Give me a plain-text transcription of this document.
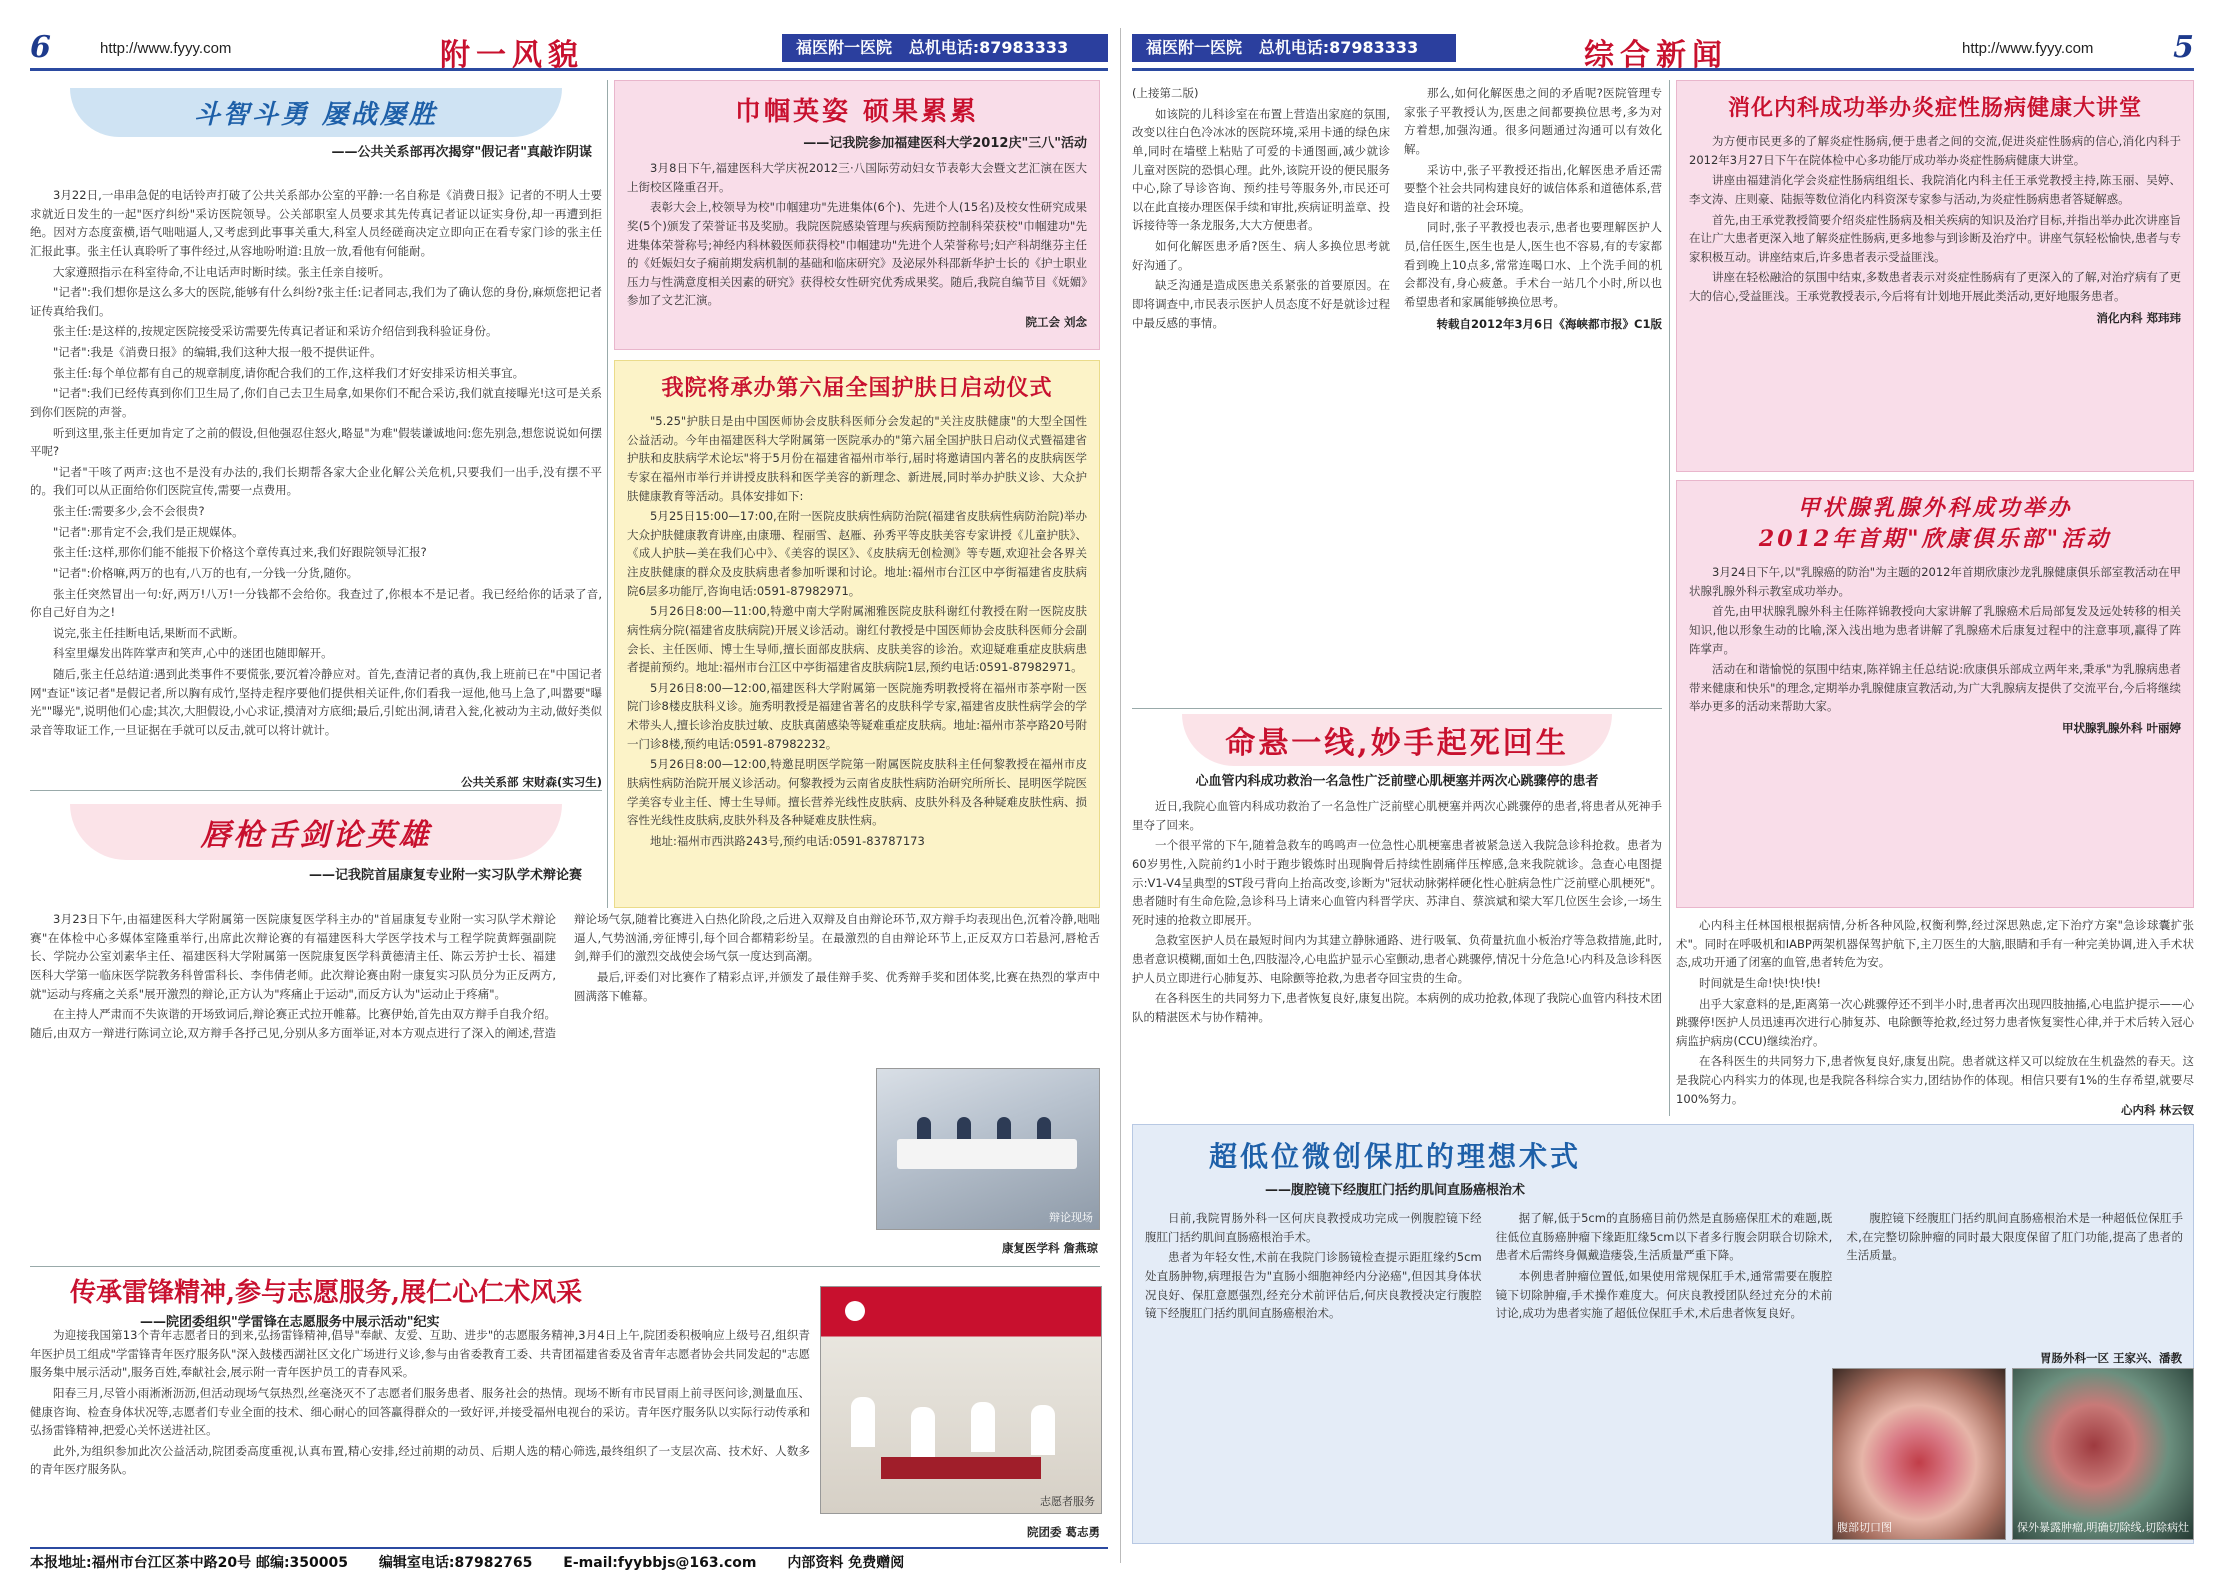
6	http://www.fyyy.com	附一风貌	福医附一医院 总机电话:87983333
斗智斗勇 屡战屡胜
——公共关系部再次揭穿"假记者"真敲诈阴谋

3月22日,一串串急促的电话铃声打破了公共关系部办公室的平静:一名自称是《消费日报》记者的不明人士要求就近日发生的一起"医疗纠纷"采访医院领导。公关部职室人员要求其先传真记者证以证实身份,却一再遭到拒绝。因对方态度蛮横,语气咄咄逼人,又考虑到此事事关重大,科室人员经磋商决定立即向正在看专家门诊的张主任汇报此事。张主任认真聆听了事件经过,从容地吩咐道:且放一放,看他有何能耐。

大家遵照指示在科室待命,不让电话声时断时续。张主任亲自接听。

"记者":我们想你是这么多大的医院,能够有什么纠纷?张主任:记者同志,我们为了确认您的身份,麻烦您把记者证传真给我们。

张主任:是这样的,按规定医院接受采访需要先传真记者证和采访介绍信到我科验证身份。

"记者":我是《消费日报》的编辑,我们这种大报一般不提供证件。

张主任:每个单位都有自己的规章制度,请你配合我们的工作,这样我们才好安排采访相关事宜。

"记者":我们已经传真到你们卫生局了,你们自己去卫生局拿,如果你们不配合采访,我们就直接曝光!这可是关系到你们医院的声誉。

听到这里,张主任更加肯定了之前的假设,但他强忍住怒火,略显"为难"假装谦诚地问:您先别急,想您说说如何摆平呢?

"记者"干咳了两声:这也不是没有办法的,我们长期帮各家大企业化解公关危机,只要我们一出手,没有摆不平的。我们可以从正面给你们医院宣传,需要一点费用。

张主任:需要多少,会不会很贵?

"记者":那肯定不会,我们是正规媒体。

张主任:这样,那你们能不能报下价格这个章传真过来,我们好跟院领导汇报?

"记者":价格嘛,两万的也有,八万的也有,一分钱一分货,随你。

张主任突然冒出一句:好,两万!八万!一分钱都不会给你。我查过了,你根本不是记者。我已经给你的话录了音,你自己好自为之!

说完,张主任挂断电话,果断而不武断。

科室里爆发出阵阵掌声和笑声,心中的迷团也随即解开。

随后,张主任总结道:遇到此类事件不要慌张,要沉着冷静应对。首先,查清记者的真伪,我上班前已在"中国记者网"查证"该记者"是假记者,所以胸有成竹,坚持走程序要他们提供相关证件,你们看我一逗他,他马上急了,叫嚣要"曝光""曝光",说明他们心虚;其次,大胆假设,小心求证,摸清对方底细;最后,引蛇出洞,请君入瓮,化被动为主动,做好类似录音等取证工作,一旦证据在手就可以反击,就可以将计就计。

公共关系部 宋财森(实习生)
巾帼英姿 硕果累累
——记我院参加福建医科大学2012庆"三八"活动

3月8日下午,福建医科大学庆祝2012三·八国际劳动妇女节表彰大会暨文艺汇演在医大上街校区隆重召开。

表彰大会上,校领导为校"巾帼建功"先进集体(6个)、先进个人(15名)及校女性研究成果奖(5个)颁发了荣誉证书及奖励。我院医院感染管理与疾病预防控制科荣获校"巾帼建功"先进集体荣誉称号;神经内科林毅医师获得校"巾帼建功"先进个人荣誉称号;妇产科胡继芬主任的《妊娠妇女子痫前期发病机制的基础和临床研究》及泌尿外科邵新华护士长的《护士职业压力与性满意度相关因素的研究》获得校女性研究优秀成果奖。随后,我院自编节目《妩媚》参加了文艺汇演。

院工会 刘念
我院将承办第六届全国护肤日启动仪式

"5.25"护肤日是由中国医师协会皮肤科医师分会发起的"关注皮肤健康"的大型全国性公益活动。今年由福建医科大学附属第一医院承办的"第六届全国护肤日启动仪式暨福建省护肤和皮肤病学术论坛"将于5月份在福建省福州市举行,届时将邀请国内著名的皮肤病医学专家在福州市举行并讲授皮肤科和医学美容的新理念、新进展,同时举办护肤义诊、大众护肤健康教育等活动。具体安排如下:

5月25日15:00—17:00,在附一医院皮肤病性病防治院(福建省皮肤病性病防治院)举办大众护肤健康教育讲座,由康珊、程丽雪、赵雁、孙秀平等皮肤美容专家讲授《儿童护肤》、《成人护肤—美在我们心中》、《美容的误区》、《皮肤病无创检测》等专题,欢迎社会各界关注皮肤健康的群众及皮肤病患者参加听课和讨论。地址:福州市台江区中亭街福建省皮肤病院6层多功能厅,咨询电话:0591-87982971。

5月26日8:00—11:00,特邀中南大学附属湘雅医院皮肤科谢红付教授在附一医院皮肤病性病分院(福建省皮肤病院)开展义诊活动。谢红付教授是中国医师协会皮肤科医师分会副会长、主任医师、博士生导师,擅长面部皮肤病、皮肤美容的诊治。欢迎疑难重症皮肤病患者提前预约。地址:福州市台江区中亭街福建省皮肤病院1层,预约电话:0591-87982971。

5月26日8:00—12:00,福建医科大学附属第一医院施秀明教授将在福州市茶亭附一医院门诊8楼皮肤科义诊。施秀明教授是福建省著名的皮肤科学专家,福建省皮肤性病学会的学术带头人,擅长诊治皮肤过敏、皮肤真菌感染等疑难重症皮肤病。地址:福州市茶亭路20号附一门诊8楼,预约电话:0591-87982232。

5月26日8:00—12:00,特邀昆明医学院第一附属医院皮肤科主任何黎教授在福州市皮肤病性病防治院开展义诊活动。何黎教授为云南省皮肤性病防治研究所所长、昆明医学院医学美容专业主任、博士生导师。擅长营养光线性皮肤病、皮肤外科及各种疑难皮肤性病、损容性光线性皮肤病,皮肤外科及各种疑难皮肤性病。

地址:福州市西洪路243号,预约电话:0591-83787173

唇枪舌剑论英雄
——记我院首届康复专业附一实习队学术辩论赛

3月23日下午,由福建医科大学附属第一医院康复医学科主办的"首届康复专业附一实习队学术辩论赛"在体检中心多媒体室隆重举行,出席此次辩论赛的有福建医科大学医学技术与工程学院黄辉强副院长、学院办公室刘素华主任、福建医科大学附属第一医院康复医学科黄德清主任、陈云芳护士长、福建医科大学第一临床医学院教务科曾雷科长、李伟倩老师。此次辩论赛由附一康复实习队员分为正反两方,就"运动与疼痛之关系"展开激烈的辩论,正方认为"疼痛止于运动",而反方认为"运动止于疼痛"。

在主持人严肃而不失诙谐的开场致词后,辩论赛正式拉开帷幕。比赛伊始,首先由双方辩手自我介绍。随后,由双方一辩进行陈词立论,双方辩手各抒己见,分别从多方面举证,对本方观点进行了深入的阐述,营造辩论场气氛,随着比赛进入白热化阶段,之后进入双辩及自由辩论环节,双方辩手均表现出色,沉着冷静,咄咄逼人,气势汹涌,旁征博引,每个回合都精彩纷呈。在最激烈的自由辩论环节上,正反双方口若悬河,唇枪舌剑,辩手们的激烈交战使会场气氛一度达到高潮。

最后,评委们对比赛作了精彩点评,并颁发了最佳辩手奖、优秀辩手奖和团体奖,比赛在热烈的掌声中圆满落下帷幕。

辩论现场
康复医学科 詹燕琼
传承雷锋精神,参与志愿服务,展仁心仁术风采
——院团委组织"学雷锋在志愿服务中展示活动"纪实

为迎接我国第13个青年志愿者日的到来,弘扬雷锋精神,倡导"奉献、友爱、互助、进步"的志愿服务精神,3月4日上午,院团委积极响应上级号召,组织青年医护员工组成"学雷锋青年医疗服务队"深入鼓楼西湖社区文化广场进行义诊,参与由省委教育工委、共青团福建省委及省青年志愿者协会共同发起的"志愿服务集中展示活动",服务百姓,奉献社会,展示附一青年医护员工的青春风采。

阳春三月,尽管小雨淅淅沥沥,但活动现场气氛热烈,丝毫浇灭不了志愿者们服务患者、服务社会的热情。现场不断有市民冒雨上前寻医问诊,测量血压、健康咨询、检查身体状况等,志愿者们专业全面的技术、细心耐心的回答赢得群众的一致好评,并接受福州电视台的采访。青年医疗服务队以实际行动传承和弘扬雷锋精神,把爱心关怀送进社区。

此外,为组织参加此次公益活动,院团委高度重视,认真布置,精心安排,经过前期的动员、后期人选的精心筛选,最终组织了一支层次高、技术好、人数多的青年医疗服务队。

志愿者服务
院团委 葛志勇
福医附一医院 总机电话:87983333	综合新闻	http://www.fyyy.com	5

(上接第二版)

如该院的儿科诊室在布置上营造出家庭的氛围,改变以往白色冷冰冰的医院环境,采用卡通的绿色床单,同时在墙壁上粘贴了可爱的卡通图画,减少就诊儿童对医院的恐惧心理。此外,该院开设的便民服务中心,除了导诊咨询、预约挂号等服务外,市民还可以在此直接办理医保手续和审批,疾病证明盖章、投诉接待等一条龙服务,大大方便患者。

如何化解医患矛盾?医生、病人多换位思考就好沟通了。

缺乏沟通是造成医患关系紧张的首要原因。在即将调查中,市民表示医护人员态度不好是就诊过程中最反感的事情。

那么,如何化解医患之间的矛盾呢?医院管理专家张子平教授认为,医患之间都要换位思考,多为对方着想,加强沟通。很多问题通过沟通可以有效化解。

采访中,张子平教授还指出,化解医患矛盾还需要整个社会共同构建良好的诚信体系和道德体系,营造良好和谐的社会环境。

同时,张子平教授也表示,患者也要理解医护人员,信任医生,医生也是人,医生也不容易,有的专家都看到晚上10点多,常常连喝口水、上个洗手间的机会都没有,身心疲惫。手术台一站几个小时,所以也希望患者和家属能够换位思考。

转载自2012年3月6日《海峡都市报》C1版
消化内科成功举办炎症性肠病健康大讲堂

为方便市民更多的了解炎症性肠病,便于患者之间的交流,促进炎症性肠病的信心,消化内科于2012年3月27日下午在院体检中心多功能厅成功举办炎症性肠病健康大讲堂。

讲座由福建消化学会炎症性肠病组组长、我院消化内科主任王承党教授主持,陈玉丽、吴婷、李文涛、庄则豪、陆振等数位消化内科资深专家参与活动,为炎症性肠病患者答疑解惑。

首先,由王承党教授简要介绍炎症性肠病及相关疾病的知识及治疗目标,并指出举办此次讲座旨在让广大患者更深入地了解炎症性肠病,更多地参与到诊断及治疗中。讲座气氛轻松愉快,患者与专家积极互动。讲座结束后,许多患者表示受益匪浅。

讲座在轻松融洽的氛围中结束,多数患者表示对炎症性肠病有了更深入的了解,对治疗病有了更大的信心,受益匪浅。王承党教授表示,今后将有计划地开展此类活动,更好地服务患者。

消化内科 郑玮玮
甲状腺乳腺外科成功举办
2012年首期"欣康俱乐部"活动

3月24日下午,以"乳腺癌的防治"为主题的2012年首期欣康沙龙乳腺健康俱乐部室教活动在甲状腺乳腺外科示教室成功举办。

首先,由甲状腺乳腺外科主任陈祥锦教授向大家讲解了乳腺癌术后局部复发及远处转移的相关知识,他以形象生动的比喻,深入浅出地为患者讲解了乳腺癌术后康复过程中的注意事项,赢得了阵阵掌声。

活动在和谐愉悦的氛围中结束,陈祥锦主任总结说:欣康俱乐部成立两年来,秉承"为乳腺病患者带来健康和快乐"的理念,定期举办乳腺健康宣教活动,为广大乳腺病友提供了交流平台,今后将继续举办更多的活动来帮助大家。

甲状腺乳腺外科 叶丽婷
命悬一线,妙手起死回生
心血管内科成功救治一名急性广泛前壁心肌梗塞并两次心跳骤停的患者

近日,我院心血管内科成功救治了一名急性广泛前壁心肌梗塞并两次心跳骤停的患者,将患者从死神手里夺了回来。

一个很平常的下午,随着急救车的鸣鸣声一位急性心肌梗塞患者被紧急送入我院急诊科抢救。患者为60岁男性,入院前约1小时于跑步锻炼时出现胸骨后持续性剧痛伴压榨感,急来我院就诊。急查心电图提示:V1-V4呈典型的ST段弓背向上抬高改变,诊断为"冠状动脉粥样硬化性心脏病急性广泛前壁心肌梗死"。患者随时有生命危险,急诊科马上请来心血管内科晋学庆、苏津自、蔡滨斌和梁大军几位医生会诊,一场生死时速的抢救立即展开。

急救室医护人员在最短时间内为其建立静脉通路、进行吸氧、负荷量抗血小板治疗等急救措施,此时,患者意识模糊,面如土色,四肢湿冷,心电监护显示心室颤动,患者心跳骤停,情况十分危急!心内科及急诊科医护人员立即进行心肺复苏、电除颤等抢救,为患者夺回宝贵的生命。

在各科医生的共同努力下,患者恢复良好,康复出院。本病例的成功抢救,体现了我院心血管内科技术团队的精湛医术与协作精神。

心内科主任林国根根据病情,分析各种风险,权衡利弊,经过深思熟虑,定下治疗方案"急诊球囊扩张术"。同时在呼吸机和IABP两架机器保驾护航下,主刀医生的大脑,眼睛和手有一种完美协调,进入手术状态,成功开通了闭塞的血管,患者转危为安。

时间就是生命!快!快!快!

出乎大家意料的是,距离第一次心跳骤停还不到半小时,患者再次出现四肢抽搐,心电监护提示——心跳骤停!医护人员迅速再次进行心肺复苏、电除颤等抢救,经过努力患者恢复窦性心律,并于术后转入冠心病监护病房(CCU)继续治疗。

在各科医生的共同努力下,患者恢复良好,康复出院。患者就这样又可以绽放在生机盎然的春天。这是我院心内科实力的体现,也是我院各科综合实力,团结协作的体现。相信只要有1%的生存希望,就要尽100%努力。

心内科 林云钗
超低位微创保肛的理想术式
——腹腔镜下经腹肛门括约肌间直肠癌根治术

日前,我院胃肠外科一区何庆良教授成功完成一例腹腔镜下经腹肛门括约肌间直肠癌根治手术。

患者为年轻女性,术前在我院门诊肠镜检查提示距肛缘约5cm处直肠肿物,病理报告为"直肠小细胞神经内分泌癌",但因其身体状况良好、保肛意愿强烈,经充分术前评估后,何庆良教授决定行腹腔镜下经腹肛门括约肌间直肠癌根治术。

据了解,低于5cm的直肠癌目前仍然是直肠癌保肛术的难题,既往低位直肠癌肿瘤下缘距肛缘5cm以下者多行腹会阴联合切除术,患者术后需终身佩戴造瘘袋,生活质量严重下降。

本例患者肿瘤位置低,如果使用常规保肛手术,通常需要在腹腔镜下切除肿瘤,手术操作难度大。何庆良教授团队经过充分的术前讨论,成功为患者实施了超低位保肛手术,术后患者恢复良好。

腹腔镜下经腹肛门括约肌间直肠癌根治术是一种超低位保肛手术,在完整切除肿瘤的同时最大限度保留了肛门功能,提高了患者的生活质量。

胃肠外科一区 王家兴、潘教
腹部切口图	保外暴露肿瘤,明确切除线,切除病灶
本报地址:福州市台江区茶中路20号 邮编:350005 编辑室电话:87982765 E-mail:fyybbjs@163.com 内部资料 免费赠阅
